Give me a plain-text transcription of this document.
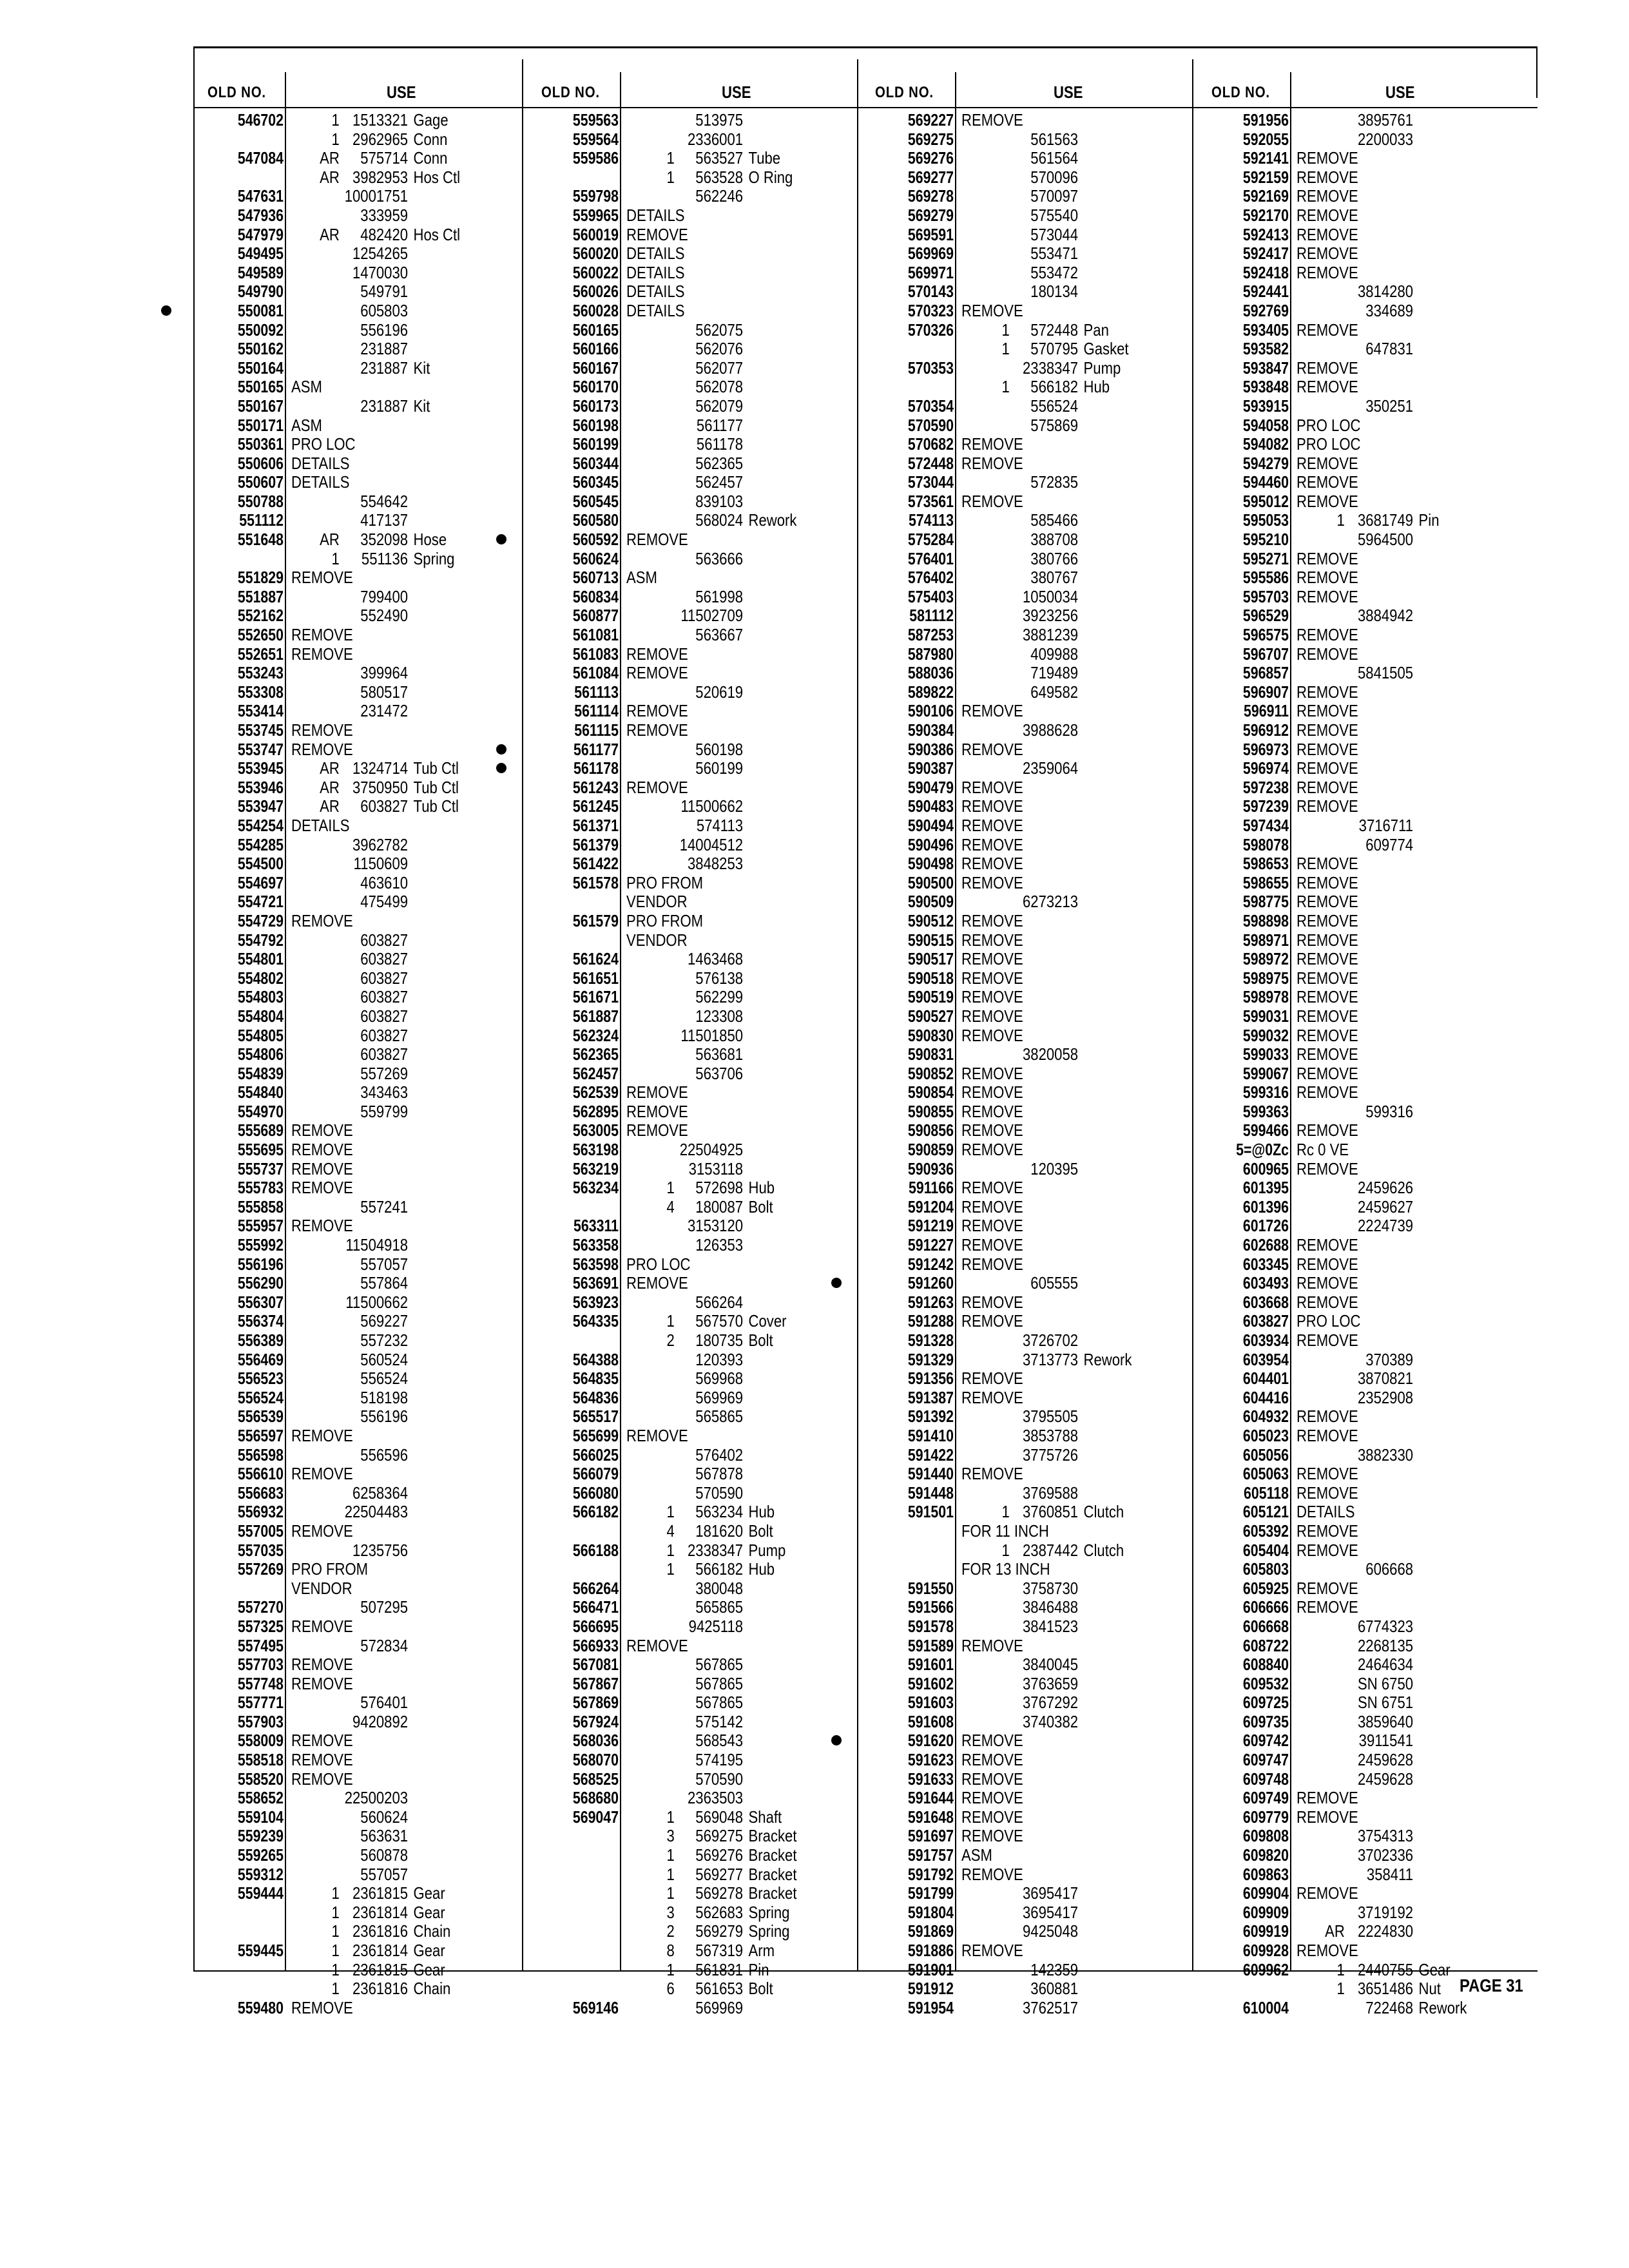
OLD NO.	USE	OLD NO.	USE	OLD NO.	USE	OLD NO.	USE
546702	1 1513321 Gage
1 2962965 Conn
547084	AR 575714 Conn
AR 3982953 Hos Ctl
547631	10001751
547936	333959
547979	AR 482420 Hos Ctl
549495	1254265
549589	1470030
549790	549791
550081	605803
550092	556196
550162	231887
550164	231887 Kit
550165 ASM
550167	231887 Kit
550171 ASM
550361 PRO LOC
550606 DETAILS
550607 DETAILS
550788	554642
551112	417137
551648	AR 352098 Hose
1 551136 Spring
551829 REMOVE
551887	799400
552162	552490
552650 REMOVE
552651 REMOVE
553243	399964
553308	580517
553414	231472
553745 REMOVE
553747 REMOVE
553945	AR 1324714 Tub Ctl
553946	AR 3750950 Tub Ctl
553947	AR 603827 Tub Ctl
554254 DETAILS
554285	3962782
554500	1150609
554697	463610
554721	475499
554729 REMOVE
554792	603827
554801	603827
554802	603827
554803	603827
554804	603827
554805	603827
554806	603827
554839	557269
554840	343463
554970	559799
555689 REMOVE
555695 REMOVE
555737 REMOVE
555783 REMOVE
555858	557241
555957 REMOVE
555992	11504918
556196	557057
556290	557864
556307	11500662
556374	569227
556389	557232
556469	560524
556523	556524
556524	518198
556539	556196
556597 REMOVE
556598	556596
556610 REMOVE
556683	6258364
556932	22504483
557005 REMOVE
557035	1235756
557269 PRO FROM
VENDOR
557270	507295
557325 REMOVE
557495	572834
557703 REMOVE
557748 REMOVE
557771	576401
557903	9420892
558009 REMOVE
558518 REMOVE
558520 REMOVE
558652	22500203
559104	560624
559239	563631
559265	560878
559312	557057
559444	1 2361815 Gear
1 2361814 Gear
1 2361816 Chain
559445	1 2361814 Gear
1 2361815 Gear
1 2361816 Chain
559480 REMOVE
559563	513975
559564	2336001
559586	1 563527 Tube
1 563528 O Ring
559798	562246
559965 DETAILS
560019 REMOVE
560020 DETAILS
560022 DETAILS
560026 DETAILS
560028 DETAILS
560165	562075
560166	562076
560167	562077
560170	562078
560173	562079
560198	561177
560199	561178
560344	562365
560345	562457
560545	839103
560580	568024 Rework
560592 REMOVE
560624	563666
560713 ASM
560834	561998
560877	11502709
561081	563667
561083 REMOVE
561084 REMOVE
561113	520619
561114 REMOVE
561115 REMOVE
561177	560198
561178	560199
561243 REMOVE
561245	11500662
561371	574113
561379	14004512
561422	3848253
561578 PRO FROM
VENDOR
561579 PRO FROM
VENDOR
561624	1463468
561651	576138
561671	562299
561887	123308
562324	11501850
562365	563681
562457	563706
562539 REMOVE
562895 REMOVE
563005 REMOVE
563198	22504925
563219	3153118
563234	1 572698 Hub
4 180087 Bolt
563311	3153120
563358	126353
563598 PRO LOC
563691 REMOVE
563923	566264
564335	1 567570 Cover
2 180735 Bolt
564388	120393
564835	569968
564836	569969
565517	565865
565699 REMOVE
566025	576402
566079	567878
566080	570590
566182	1 563234 Hub
4 181620 Bolt
566188	1 2338347 Pump
1 566182 Hub
566264	380048
566471	565865
566695	9425118
566933 REMOVE
567081	567865
567867	567865
567869	567865
567924	575142
568036	568543
568070	574195
568525	570590
568680	2363503
569047	1 569048 Shaft
3 569275 Bracket
1 569276 Bracket
1 569277 Bracket
1 569278 Bracket
3 562683 Spring
2 569279 Spring
8 567319 Arm
1 561831 Pin
6 561653 Bolt
569146	569969
569227 REMOVE
569275	561563
569276	561564
569277	570096
569278	570097
569279	575540
569591	573044
569969	553471
569971	553472
570143	180134
570323 REMOVE
570326	1 572448 Pan
1 570795 Gasket
570353	2338347 Pump
1 566182 Hub
570354	556524
570590	575869
570682 REMOVE
572448 REMOVE
573044	572835
573561 REMOVE
574113	585466
575284	388708
576401	380766
576402	380767
575403	1050034
581112	3923256
587253	3881239
587980	409988
588036	719489
589822	649582
590106 REMOVE
590384	3988628
590386 REMOVE
590387	2359064
590479 REMOVE
590483 REMOVE
590494 REMOVE
590496 REMOVE
590498 REMOVE
590500 REMOVE
590509	6273213
590512 REMOVE
590515 REMOVE
590517 REMOVE
590518 REMOVE
590519 REMOVE
590527 REMOVE
590830 REMOVE
590831	3820058
590852 REMOVE
590854 REMOVE
590855 REMOVE
590856 REMOVE
590859 REMOVE
590936	120395
591166 REMOVE
591204 REMOVE
591219 REMOVE
591227 REMOVE
591242 REMOVE
591260	605555
591263 REMOVE
591288 REMOVE
591328	3726702
591329	3713773 Rework
591356 REMOVE
591387 REMOVE
591392	3795505
591410	3853788
591422	3775726
591440 REMOVE
591448	3769588
591501	1 3760851 Clutch
FOR 11 INCH
1 2387442 Clutch
FOR 13 INCH
591550	3758730
591566	3846488
591578	3841523
591589 REMOVE
591601	3840045
591602	3763659
591603	3767292
591608	3740382
591620 REMOVE
591623 REMOVE
591633 REMOVE
591644 REMOVE
591648 REMOVE
591697 REMOVE
591757 ASM
591792 REMOVE
591799	3695417
591804	3695417
591869	9425048
591886 REMOVE
591901	142359
591912	360881
591954	3762517
591956	3895761
592055	2200033
592141 REMOVE
592159 REMOVE
592169 REMOVE
592170 REMOVE
592413 REMOVE
592417 REMOVE
592418 REMOVE
592441	3814280
592769	334689
593405 REMOVE
593582	647831
593847 REMOVE
593848 REMOVE
593915	350251
594058 PRO LOC
594082 PRO LOC
594279 REMOVE
594460 REMOVE
595012 REMOVE
595053	1 3681749 Pin
595210	5964500
595271 REMOVE
595586 REMOVE
595703 REMOVE
596529	3884942
596575 REMOVE
596707 REMOVE
596857	5841505
596907 REMOVE
596911 REMOVE
596912 REMOVE
596973 REMOVE
596974 REMOVE
597238 REMOVE
597239 REMOVE
597434	3716711
598078	609774
598653 REMOVE
598655 REMOVE
598775 REMOVE
598898 REMOVE
598971 REMOVE
598972 REMOVE
598975 REMOVE
598978 REMOVE
599031 REMOVE
599032 REMOVE
599033 REMOVE
599067 REMOVE
599316 REMOVE
599363	599316
599466 REMOVE
5=@0Zc Rc 0 VE
600965 REMOVE
601395	2459626
601396	2459627
601726	2224739
602688 REMOVE
603345 REMOVE
603493 REMOVE
603668 REMOVE
603827 PRO LOC
603934 REMOVE
603954	370389
604401	3870821
604416	2352908
604932 REMOVE
605023 REMOVE
605056	3882330
605063 REMOVE
605118 REMOVE
605121 DETAILS
605392 REMOVE
605404 REMOVE
605803	606668
605925 REMOVE
606666 REMOVE
606668	6774323
608722	2268135
608840	2464634
609532	SN 6750
609725	SN 6751
609735	3859640
609742	3911541
609747	2459628
609748	2459628
609749 REMOVE
609779 REMOVE
609808	3754313
609820	3702336
609863	358411
609904 REMOVE
609909	3719192
609919	AR 2224830
609928 REMOVE
609962	1 2440755 Gear
1 3651486 Nut
610004	722468 Rework
PAGE 31
